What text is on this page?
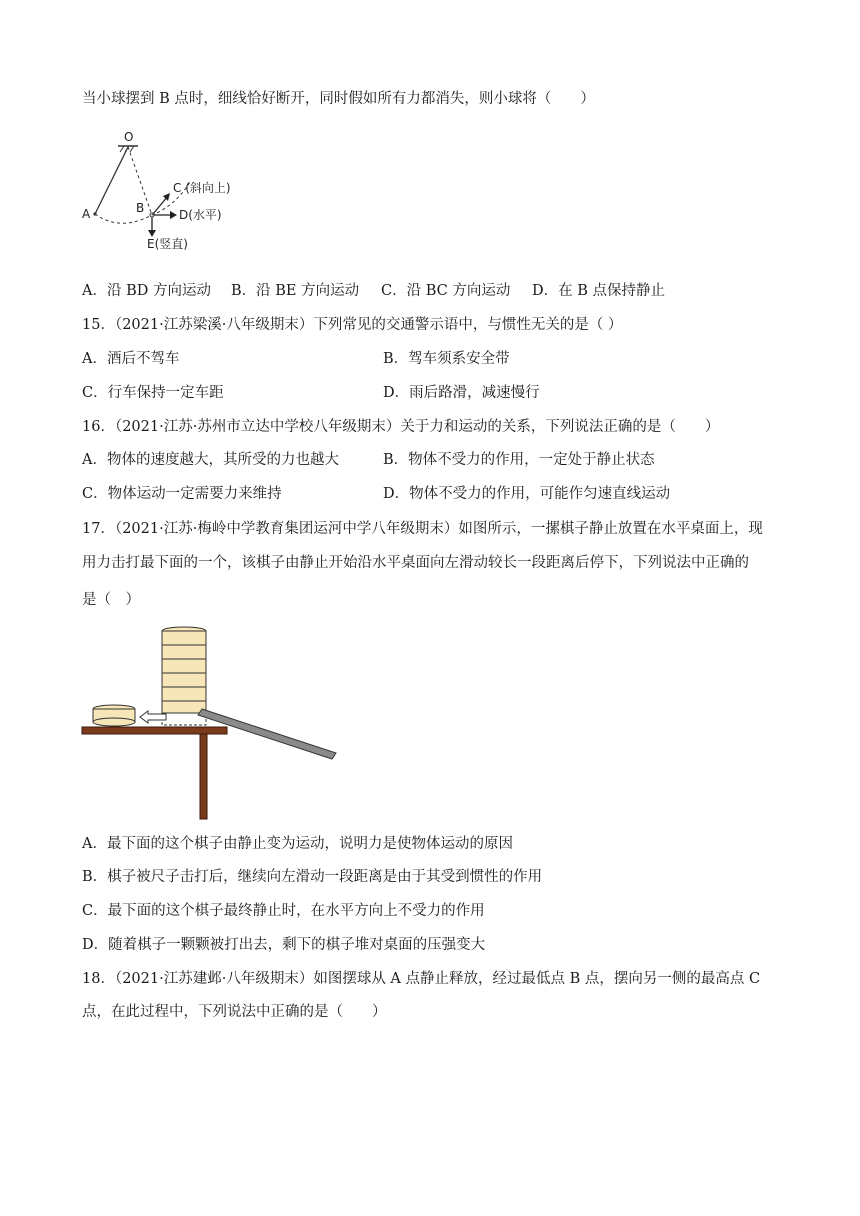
当小球摆到 B 点时，细线恰好断开，同时假如所有力都消失，则小球将（　　）
O
A	B
C (斜向上)
D(水平)
E(竖直)
A．沿 BD 方向运动 B．沿 BE 方向运动 C．沿 BC 方向运动 D．在 B 点保持静止
15．（2021·江苏梁溪·八年级期末）下列常见的交通警示语中，与惯性无关的是（ ）
A．酒后不驾车	B．驾车须系安全带
C．行车保持一定车距	D．雨后路滑，减速慢行
16．（2021·江苏·苏州市立达中学校八年级期末）关于力和运动的关系，下列说法正确的是（　　）
A．物体的速度越大，其所受的力也越大	B．物体不受力的作用，一定处于静止状态
C．物体运动一定需要力来维持	D．物体不受力的作用，可能作匀速直线运动
17．（2021·江苏·梅岭中学教育集团运河中学八年级期末）如图所示，一摞棋子静止放置在水平桌面上，现
用力击打最下面的一个，该棋子由静止开始沿水平桌面向左滑动较长一段距离后停下，下列说法中正确的
是（　）
A．最下面的这个棋子由静止变为运动，说明力是使物体运动的原因
B．棋子被尺子击打后，继续向左滑动一段距离是由于其受到惯性的作用
C．最下面的这个棋子最终静止时，在水平方向上不受力的作用
D．随着棋子一颗颗被打出去，剩下的棋子堆对桌面的压强变大
18．（2021·江苏建邺·八年级期末）如图摆球从 A 点静止释放，经过最低点 B 点，摆向另一侧的最高点 C
点，在此过程中，下列说法中正确的是（　　）
